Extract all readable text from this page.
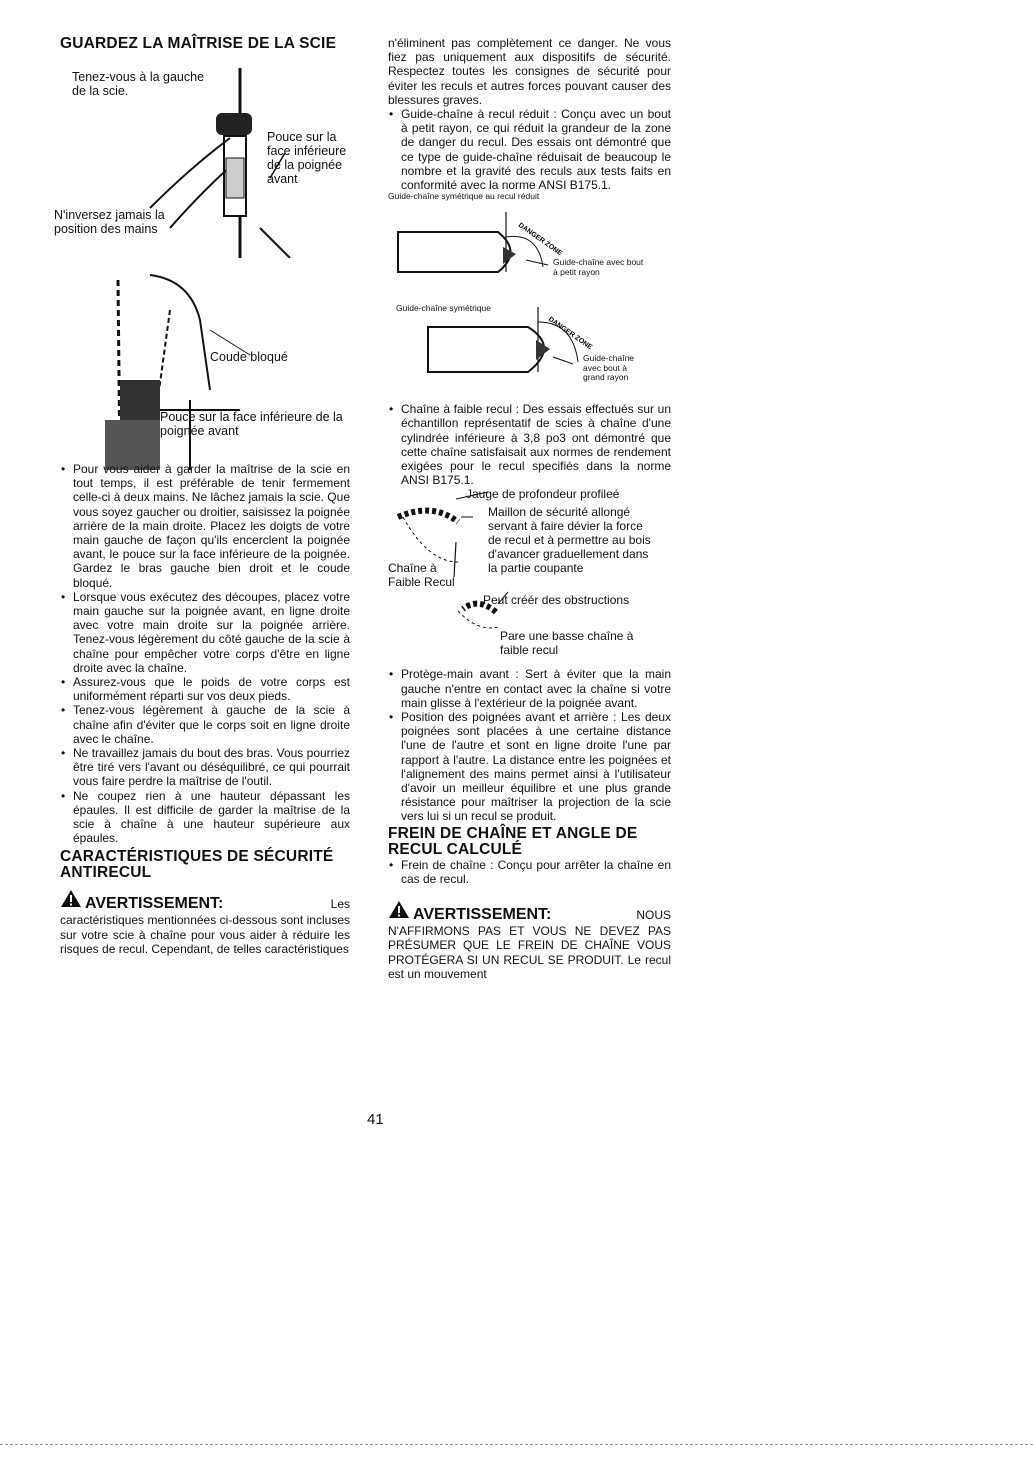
GUARDEZ LA MAÎTRISE DE LA SCIE
Tenez-vous à la gauche de la scie.
Pouce sur la face inférieure de la poignée avant
N'inversez jamais la position des mains
Coude bloqué
Pouce sur la face inférieure de la poignée avant
• Pour vous aider à garder la maîtrise de la scie en tout temps, il est préférable de tenir fermement celle-ci à deux mains. Ne lâchez jamais la scie. Que vous soyez gaucher ou droitier, saisissez la poignée arrière de la main droite. Placez les doigts de votre main gauche de façon qu'ils encerclent la poignée avant, le pouce sur la face inférieure de la poignée. Gardez le bras gauche bien droit et le coude bloqué.
• Lorsque vous exécutez des découpes, placez votre main gauche sur la poignée avant, en ligne droite avec votre main droite sur la poignée arrière. Tenez-vous légèrement du côté gauche de la scie à chaîne pour empêcher votre corps d'être en ligne droite avec la chaîne.
• Assurez-vous que le poids de votre corps est uniformément réparti sur vos deux pieds.
• Tenez-vous légèrement à gauche de la scie à chaîne afin d'éviter que le corps soit en ligne droite avec le chaîne.
• Ne travaillez jamais du bout des bras. Vous pourriez être tiré vers l'avant ou déséquilibré, ce qui pourrait vous faire perdre la maîtrise de l'outil.
• Ne coupez rien à une hauteur dépassant les épaules. Il est difficile de garder la maîtrise de la scie à chaîne à une hauteur supérieure aux épaules.
CARACTÉRISTIQUES DE SÉCURITÉ ANTIRECUL
AVERTISSEMENT:	Les

caractéristiques mentionnées ci-dessous sont incluses sur votre scie à chaîne pour vous aider à réduire les risques de recul. Cependant, de telles caractéristiques

n'éliminent pas complètement ce danger. Ne vous fiez pas uniquement aux dispositifs de sécurité. Respectez toutes les consignes de sécurité pour éviter les reculs et autres forces pouvant causer des blessures graves.

• Guide-chaîne à recul réduit : Conçu avec un bout à petit rayon, ce qui réduit la grandeur de la zone de danger du recul. Des essais ont démontré que ce type de guide-chaîne réduisait de beaucoup le nombre et la gravité des reculs aux tests faits en conformité avec la norme ANSI B175.1.
Guide-chaîne symétrique au recul réduit
DANGER ZONE
DANGER ZONE
Guide-chaîne avec bout à petit rayon
Guide-chaîne symétrique
Guide-chaîne avec bout à grand rayon
• Chaîne à faible recul : Des essais effectués sur un échantillon représentatif de scies à chaîne d'une cylindrée inférieure à 3,8 po3 ont démontré que cette chaîne satisfaisait aux normes de rendement exigées pour le recul specifiés dans la norme ANSI B175.1.
Jauge de profondeur profileé
Maillon de sécurité allongé servant à faire dévier la force de recul et à permettre au bois d'avancer graduellement dans la partie coupante
Chaîne à Faible Recul
Peut créér des obstructions
Pare une basse chaîne à faible recul
• Protège-main avant : Sert à éviter que la main gauche n'entre en contact avec la chaîne si votre main glisse à l'extérieur de la poignée avant.
• Position des poignées avant et arrière : Les deux poignées sont placées à une certaine distance l'une de l'autre et sont en ligne droite l'une par rapport à l'autre. La distance entre les poignées et l'alignement des mains permet ainsi à l'utilisateur d'avoir un meilleur équilibre et une plus grande résistance pour maîtriser la projection de la scie vers lui si un recul se produit.
FREIN DE CHAÎNE ET ANGLE DE RECUL CALCULÉ
• Frein de chaîne : Conçu pour arrêter la chaîne en cas de recul.
AVERTISSEMENT:	NOUS

N'AFFIRMONS PAS ET VOUS NE DEVEZ PAS PRÉSUMER QUE LE FREIN DE CHAÎNE VOUS PROTÉGERA SI UN RECUL SE PRODUIT. Le recul est un mouvement

41
